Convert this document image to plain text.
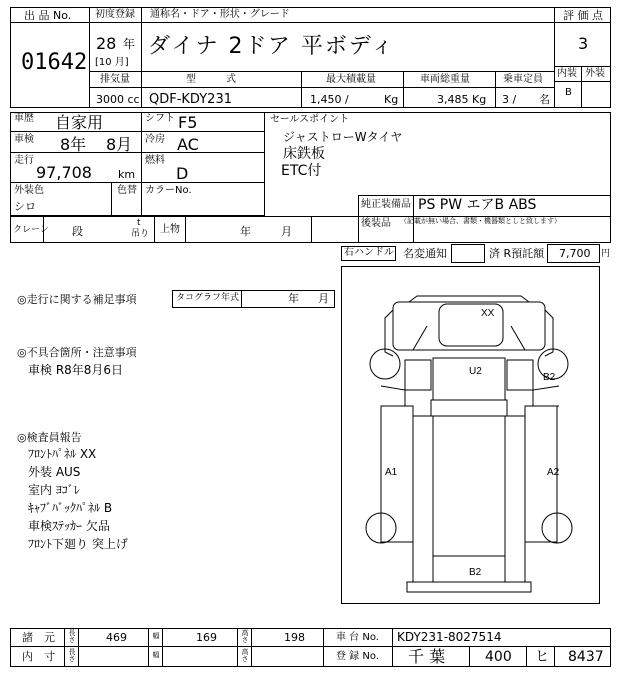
出 品 No.
01642
初度登録
28 年
[10 月]
通称名・ドア・形状・グレード
ダイナ 2ドア 平ボディ
評 価 点
3
内装 外装
B
排気量
3000 cc
型　　　式
QDF-KDY231
最大積載量
1,450 /	Kg
車両総重量
3,485 Kg
乗車定員
3 / 名
車歴 自家用	シフト F5
車検 8年 8月 冷房 AC
走行
97,708 km
燃料
D
外装色
シロ
色替 カラーNo.
クレーン 段
t
吊り 上物	年	月
セールスポイント
ジャストローWタイヤ
床鉄板
ETC付
純正装備品 PS PW エアB ABS
後装品 （記載が無い場合、書類・機器類としと致します）
右ハンドル 名変通知	済 R預託額 7,700 円
◎走行に関する補足事項	タコグラフ年式	年 月
◎不具合箇所・注意事項
車検 R8年8月6日
◎検査員報告
ﾌﾛﾝﾄﾊﾟﾈﾙ XX
外装 AUS
室内 ﾖｺﾞﾚ
ｷｬﾌﾞﾊﾞｯｸﾊﾟﾈﾙ B
車検ｽﾃｯｶｰ 欠品
ﾌﾛﾝﾄ下廻り 突上げ
XX
U2
B2
A1	A2
B2
諸　元 長さ	469	幅	169	高さ	198	車 台 No. KDY231-8027514
内　寸 長さ	幅	高さ	登 録 No. 千 葉	400 ヒ 8437
